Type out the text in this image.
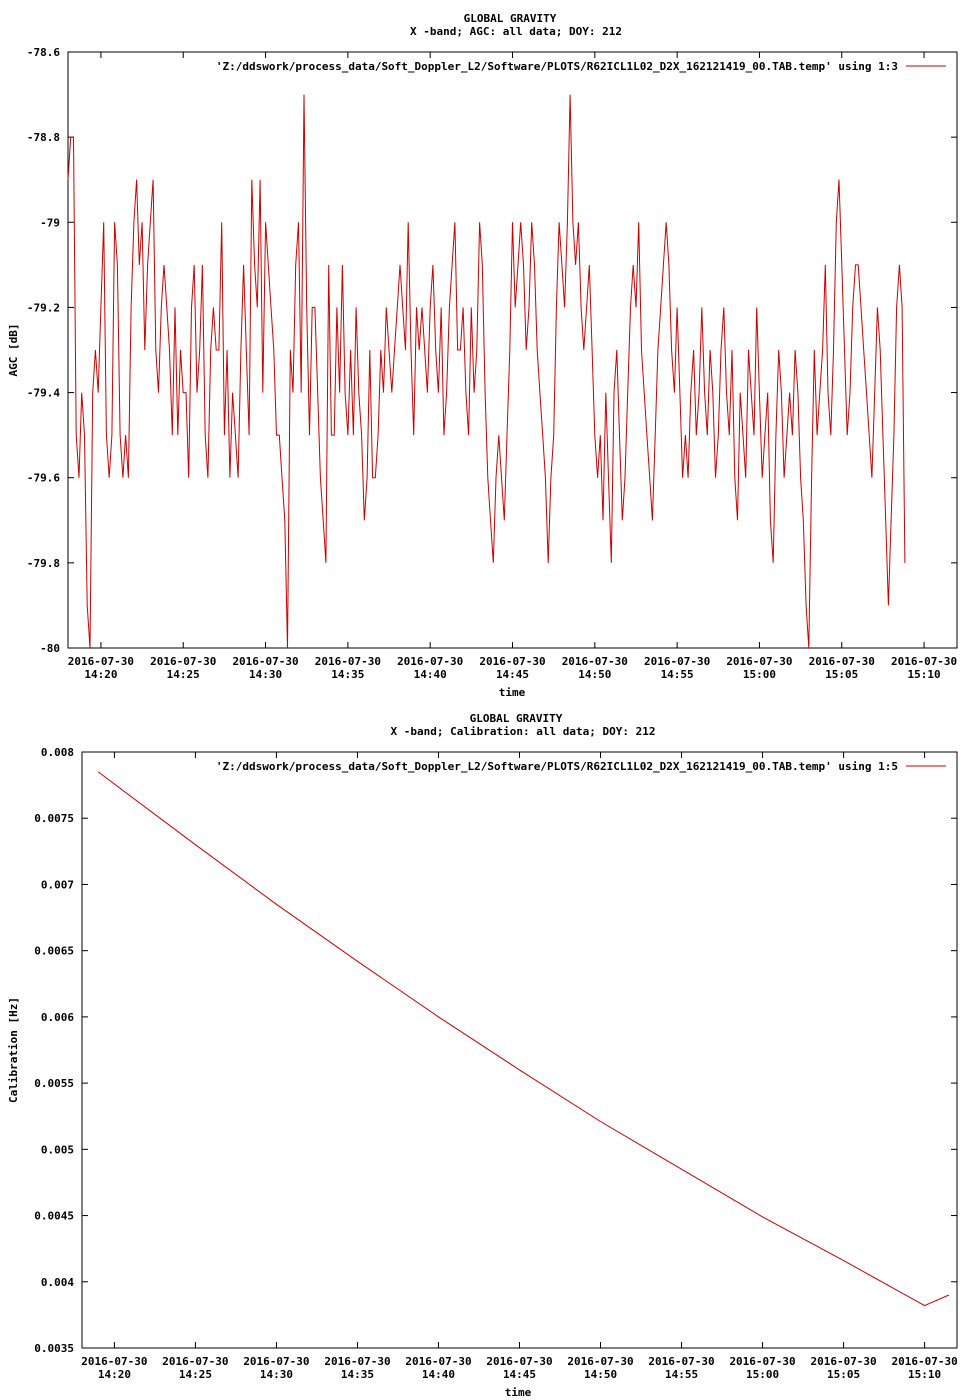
GLOBAL GRAVITY
X -band; AGC: all data; DOY: 212
AGC [dB]
time
-78.6
-78.8
-79
-79.2
-79.4
-79.6
-79.8
-80
2016-07-30
14:20
2016-07-30
14:25
2016-07-30
14:30
2016-07-30
14:35
2016-07-30
14:40
2016-07-30
14:45
2016-07-30
14:50
2016-07-30
14:55
2016-07-30
15:00
2016-07-30
15:05
2016-07-30
15:10
'Z:/ddswork/process_data/Soft_Doppler_L2/Software/PLOTS/R62ICL1L02_D2X_162121419_00.TAB.temp' using 1:3
GLOBAL GRAVITY
X -band; Calibration: all data; DOY: 212
Calibration [Hz]
time
0.008
0.0075
0.007
0.0065
0.006
0.0055
0.005
0.0045
0.004
0.0035
2016-07-30
14:20
2016-07-30
14:25
2016-07-30
14:30
2016-07-30
14:35
2016-07-30
14:40
2016-07-30
14:45
2016-07-30
14:50
2016-07-30
14:55
2016-07-30
15:00
2016-07-30
15:05
2016-07-30
15:10
'Z:/ddswork/process_data/Soft_Doppler_L2/Software/PLOTS/R62ICL1L02_D2X_162121419_00.TAB.temp' using 1:5
